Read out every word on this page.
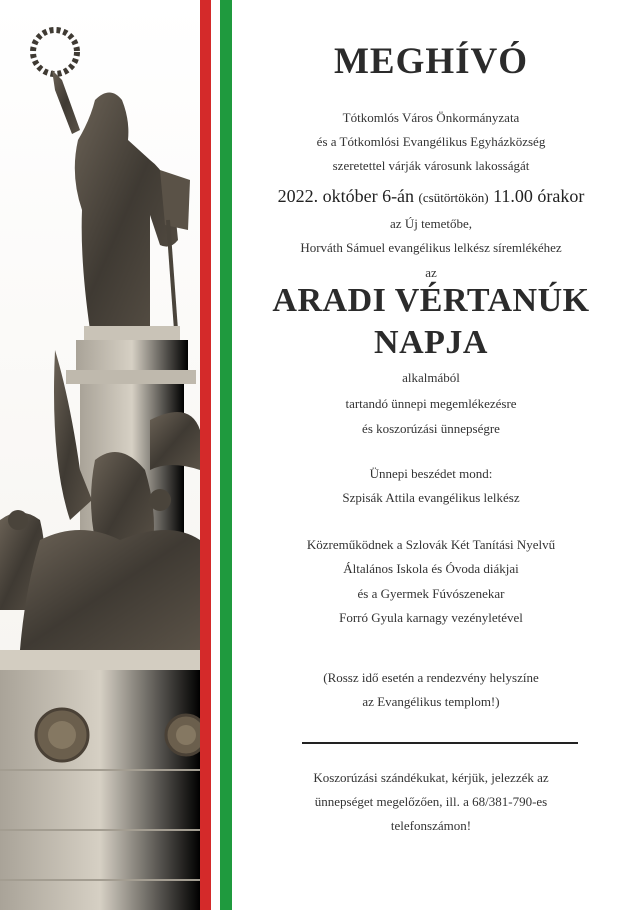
MEGHÍVÓ

Tótkomlós Város Önkormányzata

és a Tótkomlósi Evangélikus Egyházközség

szeretettel várják városunk lakosságát

2022. október 6-án (csütörtökön) 11.00 órakor

az Új temetőbe,

Horváth Sámuel evangélikus lelkész síremlékéhez

az

ARADI VÉRTANÚK
NAPJA

alkalmából

tartandó ünnepi megemlékezésre

és koszorúzási ünnepségre

Ünnepi beszédet mond:

Szpisák Attila evangélikus lelkész

Közreműködnek a Szlovák Két Tanítási Nyelvű

Általános Iskola és Óvoda diákjai

és a Gyermek Fúvószenekar

Forró Gyula karnagy vezényletével

(Rossz idő esetén a rendezvény helyszíne

az Evangélikus templom!)

Koszorúzási szándékukat, kérjük, jelezzék az

ünnepséget megelőzően, ill. a 68/381-790-es

telefonszámon!
